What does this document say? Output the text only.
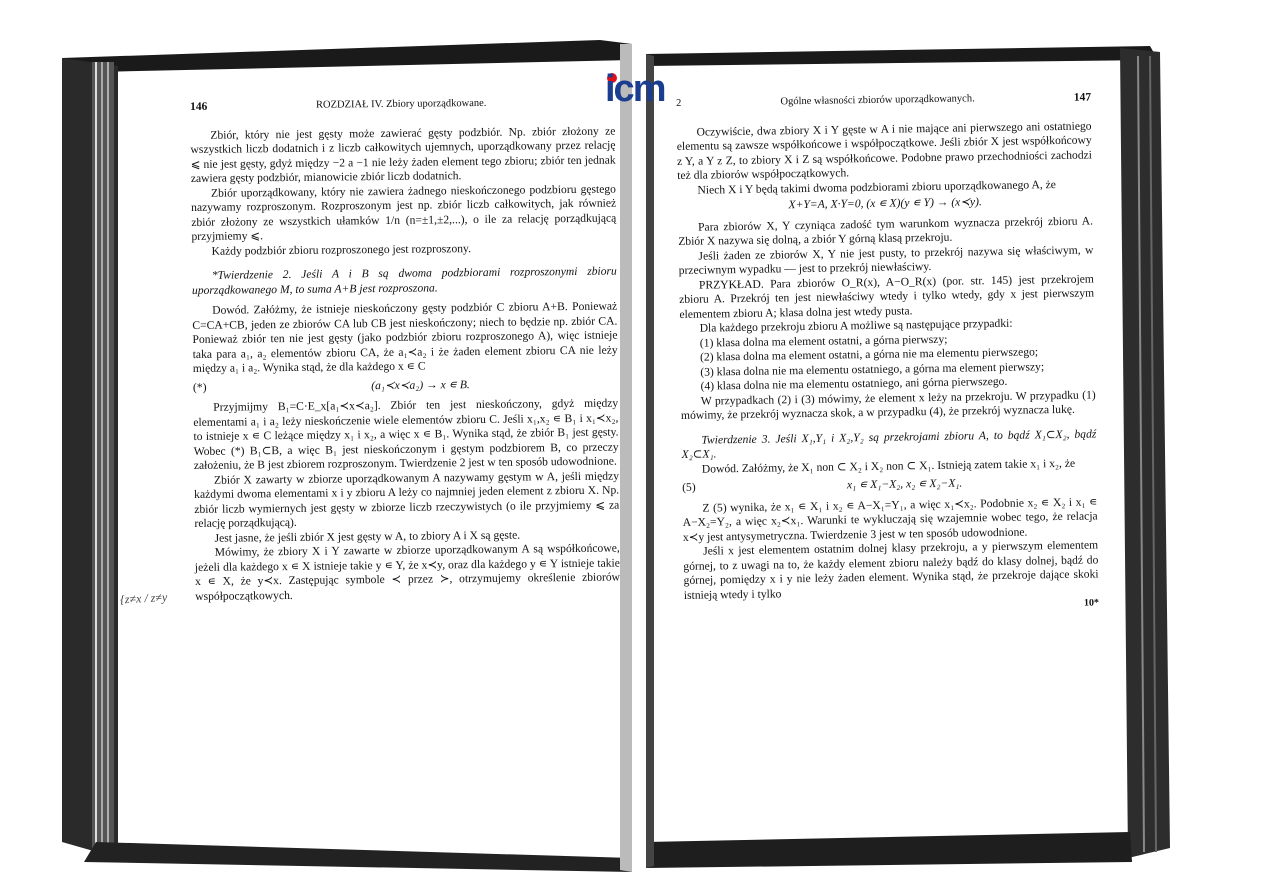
icm
{z≠x / z≠y
146	ROZDZIAŁ IV. Zbiory uporządkowane.

Zbiór, który nie jest gęsty może zawierać gęsty podzbiór. Np. zbiór złożony ze wszystkich liczb dodatnich i z liczb całkowitych ujemnych, uporządkowany przez relację ⩽ nie jest gęsty, gdyż między −2 a −1 nie leży żaden element tego zbioru; zbiór ten jednak zawiera gęsty podzbiór, mianowicie zbiór liczb dodatnich.

Zbiór uporządkowany, który nie zawiera żadnego nieskończonego podzbioru gęstego nazywamy rozproszonym. Rozproszonym jest np. zbiór liczb całkowitych, jak również zbiór złożony ze wszystkich ułamków 1/n (n=±1,±2,...), o ile za relację porządkującą przyjmiemy ⩽.

Każdy podzbiór zbioru rozproszonego jest rozproszony.

*Twierdzenie 2. Jeśli A i B są dwoma podzbiorami rozproszonymi zbioru uporządkowanego M, to suma A+B jest rozproszona.

Dowód. Załóżmy, że istnieje nieskończony gęsty podzbiór C zbioru A+B. Ponieważ C=CA+CB, jeden ze zbiorów CA lub CB jest nieskończony; niech to będzie np. zbiór CA. Ponieważ zbiór ten nie jest gęsty (jako podzbiór zbioru rozproszonego A), więc istnieje taka para a₁, a₂ elementów zbioru CA, że a₁≺a₂ i że żaden element zbioru CA nie leży między a₁ i a₂. Wynika stąd, że dla każdego x ∊ C

(*)	(a₁≺x≺a₂) → x ∊ B.

Przyjmijmy B₁=C·E_x[a₁≺x≺a₂]. Zbiór ten jest nieskończony, gdyż między elementami a₁ i a₂ leży nieskończenie wiele elementów zbioru C. Jeśli x₁,x₂ ∊ B₁ i x₁≺x₂, to istnieje x ∊ C leżące między x₁ i x₂, a więc x ∊ B₁. Wynika stąd, że zbiór B₁ jest gęsty. Wobec (*) B₁⊂B, a więc B₁ jest nieskończonym i gęstym podzbiorem B, co przeczy założeniu, że B jest zbiorem rozproszonym. Twierdzenie 2 jest w ten sposób udowodnione.

Zbiór X zawarty w zbiorze uporządkowanym A nazywamy gęstym w A, jeśli między każdymi dwoma elementami x i y zbioru A leży co najmniej jeden element z zbioru X. Np. zbiór liczb wymiernych jest gęsty w zbiorze liczb rzeczywistych (o ile przyjmiemy ⩽ za relację porządkującą).

Jest jasne, że jeśli zbiór X jest gęsty w A, to zbiory A i X są gęste.

Mówimy, że zbiory X i Y zawarte w zbiorze uporządkowanym A są współkońcowe, jeżeli dla każdego x ∊ X istnieje takie y ∊ Y, że x≺y, oraz dla każdego y ∊ Y istnieje takie x ∊ X, że y≺x. Zastępując symbole ≺ przez ≻, otrzymujemy określenie zbiorów współpoczątkowych.

2	Ogólne własności zbiorów uporządkowanych.	147

Oczywiście, dwa zbiory X i Y gęste w A i nie mające ani pierwszego ani ostatniego elementu są zawsze współkońcowe i współpoczątkowe. Jeśli zbiór X jest współkońcowy z Y, a Y z Z, to zbiory X i Z są współkońcowe. Podobne prawo przechodniości zachodzi też dla zbiorów współpoczątkowych.

Niech X i Y będą takimi dwoma podzbiorami zbioru uporządkowanego A, że

X+Y=A, X·Y=0, (x ∊ X)(y ∊ Y) → (x≺y).

Para zbiorów X, Y czyniąca zadość tym warunkom wyznacza przekrój zbioru A. Zbiór X nazywa się dolną, a zbiór Y górną klasą przekroju.

Jeśli żaden ze zbiorów X, Y nie jest pusty, to przekrój nazywa się właściwym, w przeciwnym wypadku — jest to przekrój niewłaściwy.

PRZYKŁAD. Para zbiorów O_R(x), A−O_R(x) (por. str. 145) jest przekrojem zbioru A. Przekrój ten jest niewłaściwy wtedy i tylko wtedy, gdy x jest pierwszym elementem zbioru A; klasa dolna jest wtedy pusta.

Dla każdego przekroju zbioru A możliwe są następujące przypadki:

(1) klasa dolna ma element ostatni, a górna pierwszy;

(2) klasa dolna ma element ostatni, a górna nie ma elementu pierwszego;

(3) klasa dolna nie ma elementu ostatniego, a górna ma element pierwszy;

(4) klasa dolna nie ma elementu ostatniego, ani górna pierwszego.

W przypadkach (2) i (3) mówimy, że element x leży na przekroju. W przypadku (1) mówimy, że przekrój wyznacza skok, a w przypadku (4), że przekrój wyznacza lukę.

Twierdzenie 3. Jeśli X₁,Y₁ i X₂,Y₂ są przekrojami zbioru A, to bądź X₁⊂X₂, bądź X₂⊂X₁.

Dowód. Załóżmy, że X₁ non ⊂ X₂ i X₂ non ⊂ X₁. Istnieją zatem takie x₁ i x₂, że

(5)	x₁ ∊ X₁−X₂, x₂ ∊ X₂−X₁.

Z (5) wynika, że x₁ ∊ X₁ i x₂ ∊ A−X₁=Y₁, a więc x₁≺x₂. Podobnie x₂ ∊ X₂ i x₁ ∊ A−X₂=Y₂, a więc x₂≺x₁. Warunki te wykluczają się wzajemnie wobec tego, że relacja x≺y jest antysymetryczna. Twierdzenie 3 jest w ten sposób udowodnione.

Jeśli x jest elementem ostatnim dolnej klasy przekroju, a y pierwszym elementem górnej, to z uwagi na to, że każdy element zbioru należy bądź do klasy dolnej, bądź do górnej, pomiędzy x i y nie leży żaden element. Wynika stąd, że przekroje dające skoki istnieją wtedy i tylko

10*
